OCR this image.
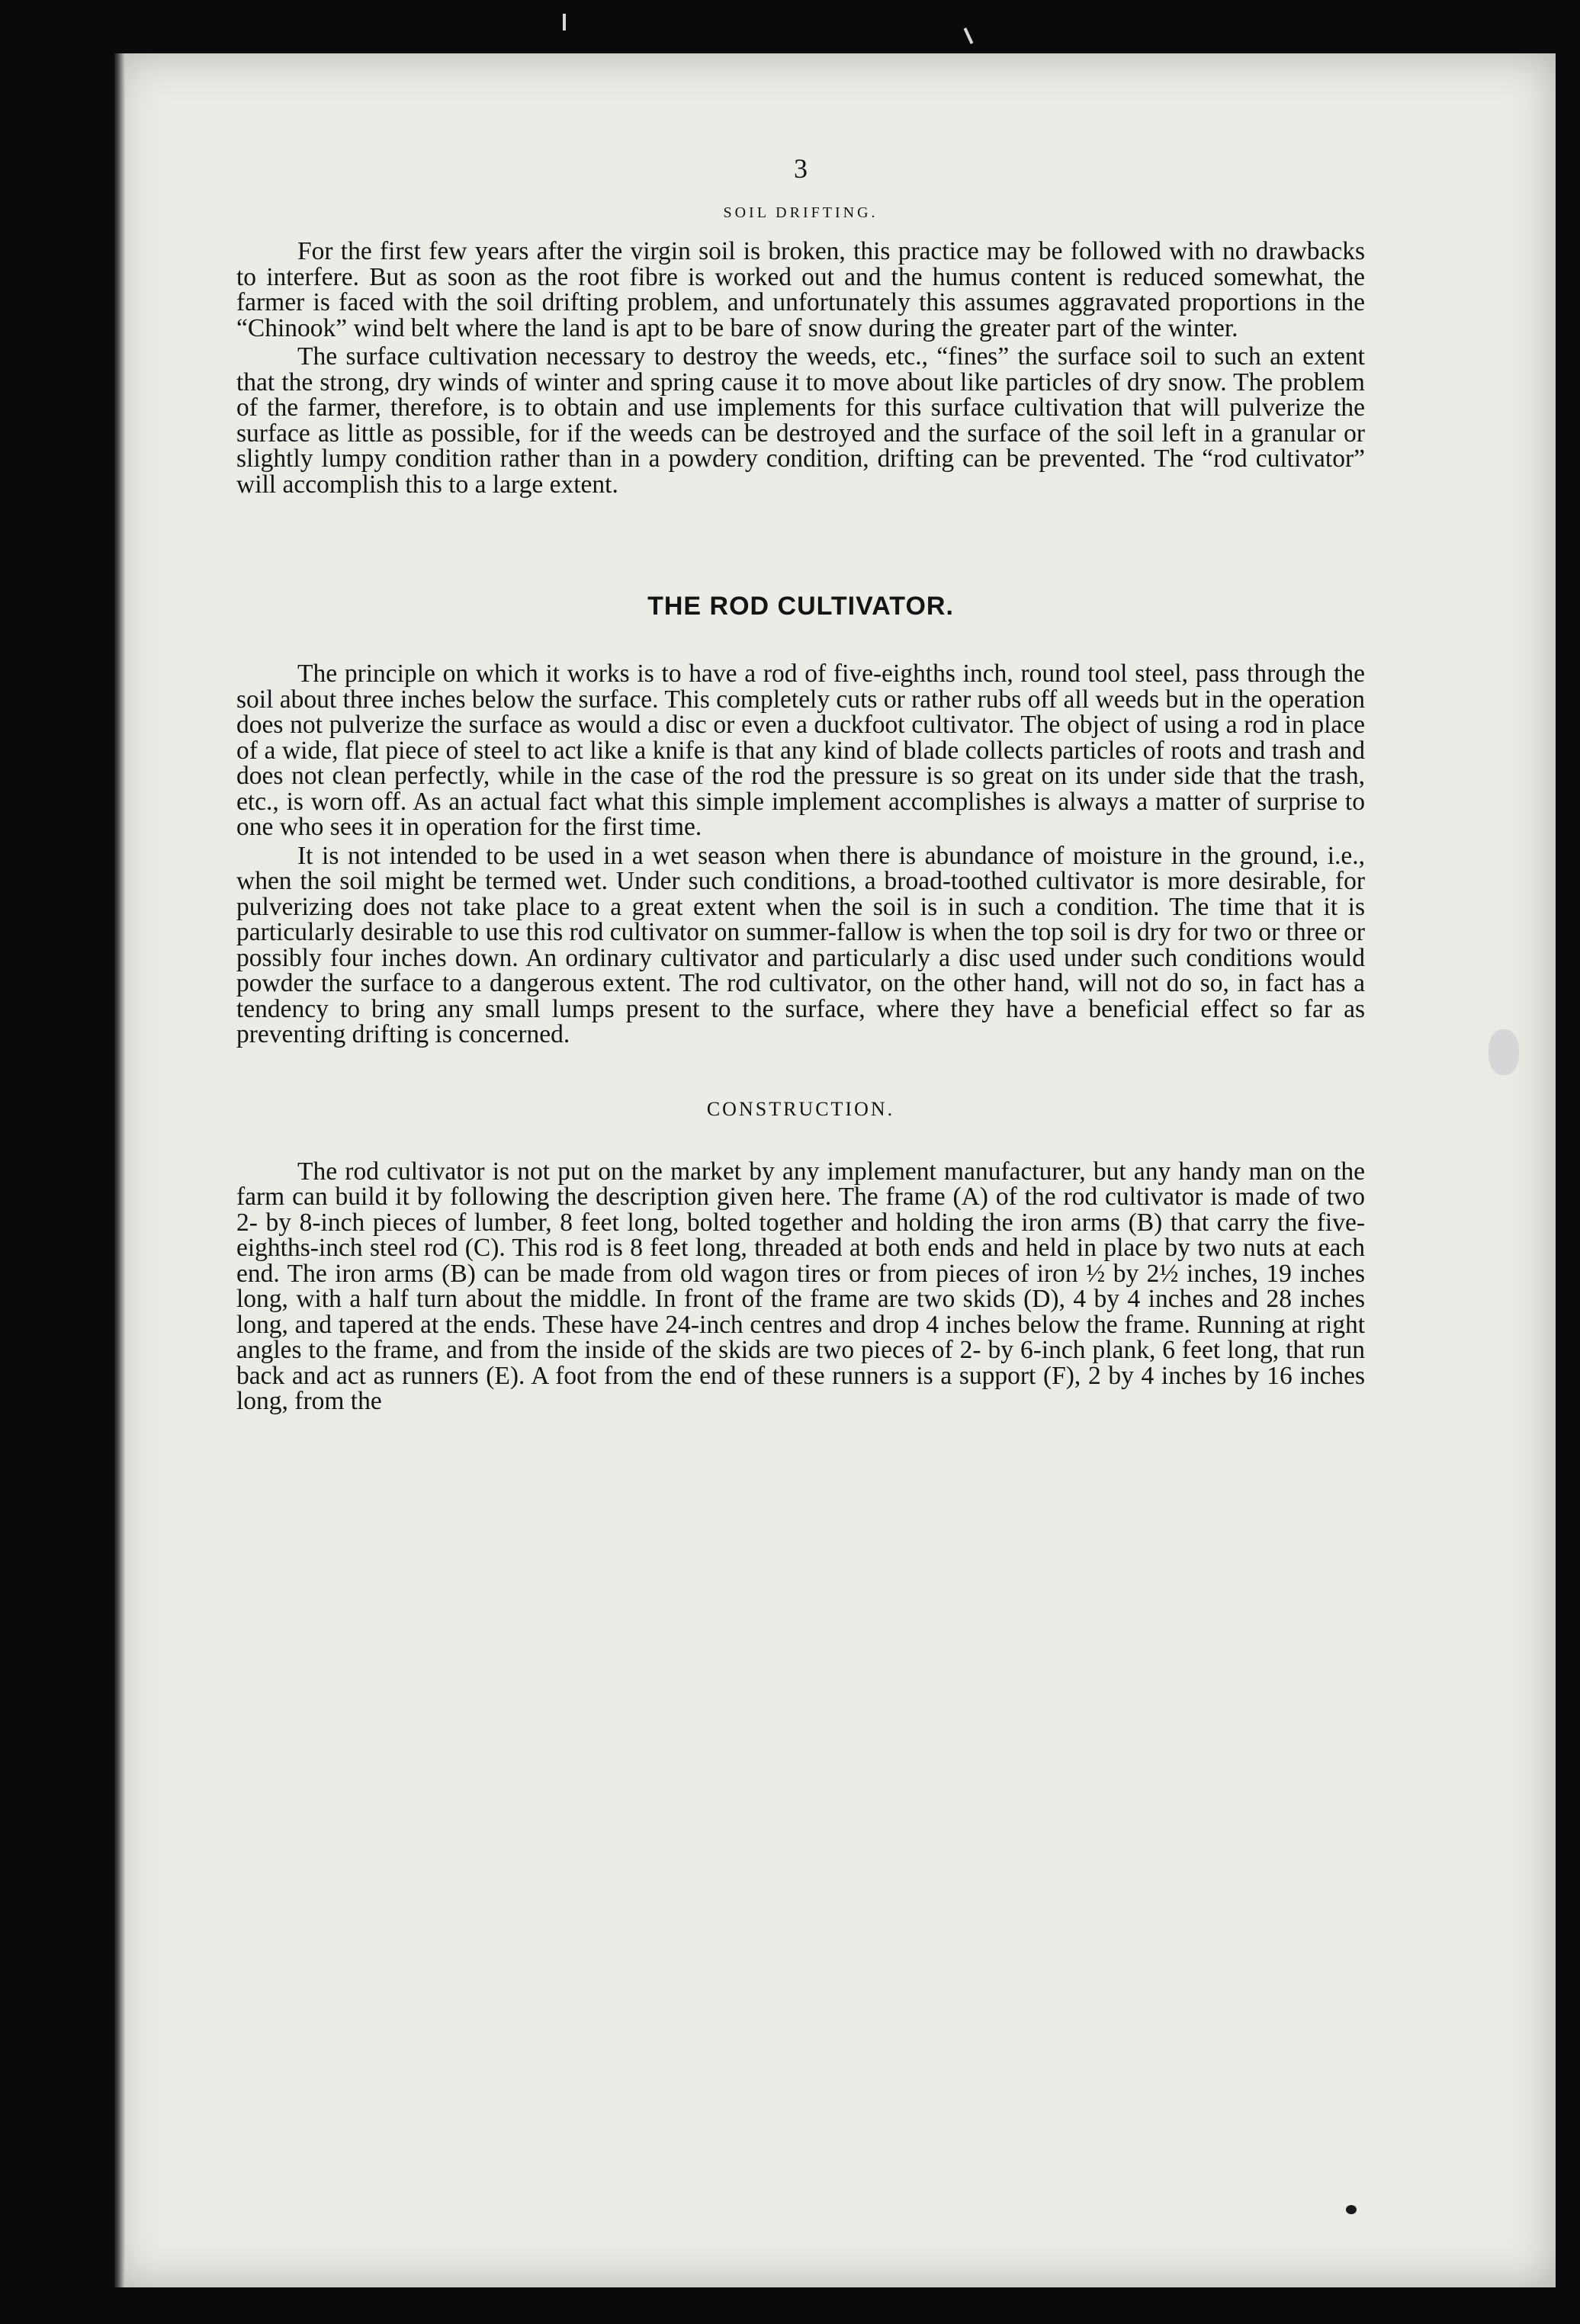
3
SOIL DRIFTING.

For the first few years after the virgin soil is broken, this practice may be followed with no drawbacks to interfere. But as soon as the root fibre is worked out and the humus content is reduced somewhat, the farmer is faced with the soil drifting problem, and unfortunately this assumes aggravated proportions in the “Chinook” wind belt where the land is apt to be bare of snow during the greater part of the winter.

The surface cultivation necessary to destroy the weeds, etc., “fines” the surface soil to such an extent that the strong, dry winds of winter and spring cause it to move about like particles of dry snow. The problem of the farmer, therefore, is to obtain and use implements for this surface cultivation that will pulverize the surface as little as possible, for if the weeds can be destroyed and the surface of the soil left in a granular or slightly lumpy condition rather than in a powdery condition, drifting can be prevented. The “rod cultivator” will accomplish this to a large extent.

THE ROD CULTIVATOR.

The principle on which it works is to have a rod of five-eighths inch, round tool steel, pass through the soil about three inches below the surface. This completely cuts or rather rubs off all weeds but in the operation does not pulverize the surface as would a disc or even a duckfoot cultivator. The object of using a rod in place of a wide, flat piece of steel to act like a knife is that any kind of blade collects particles of roots and trash and does not clean perfectly, while in the case of the rod the pressure is so great on its under side that the trash, etc., is worn off. As an actual fact what this simple implement accomplishes is always a matter of surprise to one who sees it in operation for the first time.

It is not intended to be used in a wet season when there is abundance of moisture in the ground, i.e., when the soil might be termed wet. Under such conditions, a broad-toothed cultivator is more desirable, for pulverizing does not take place to a great extent when the soil is in such a condition. The time that it is particularly desirable to use this rod cultivator on summer-fallow is when the top soil is dry for two or three or possibly four inches down. An ordinary cultivator and particularly a disc used under such conditions would powder the surface to a dangerous extent. The rod cultivator, on the other hand, will not do so, in fact has a tendency to bring any small lumps present to the surface, where they have a beneficial effect so far as preventing drifting is concerned.

CONSTRUCTION.

The rod cultivator is not put on the market by any implement manufacturer, but any handy man on the farm can build it by following the description given here. The frame (A) of the rod cultivator is made of two 2- by 8-inch pieces of lumber, 8 feet long, bolted together and holding the iron arms (B) that carry the five-eighths-inch steel rod (C). This rod is 8 feet long, threaded at both ends and held in place by two nuts at each end. The iron arms (B) can be made from old wagon tires or from pieces of iron ½ by 2½ inches, 19 inches long, with a half turn about the middle. In front of the frame are two skids (D), 4 by 4 inches and 28 inches long, and tapered at the ends. These have 24-inch centres and drop 4 inches below the frame. Running at right angles to the frame, and from the inside of the skids are two pieces of 2- by 6-inch plank, 6 feet long, that run back and act as runners (E). A foot from the end of these runners is a support (F), 2 by 4 inches by 16 inches long, from the
